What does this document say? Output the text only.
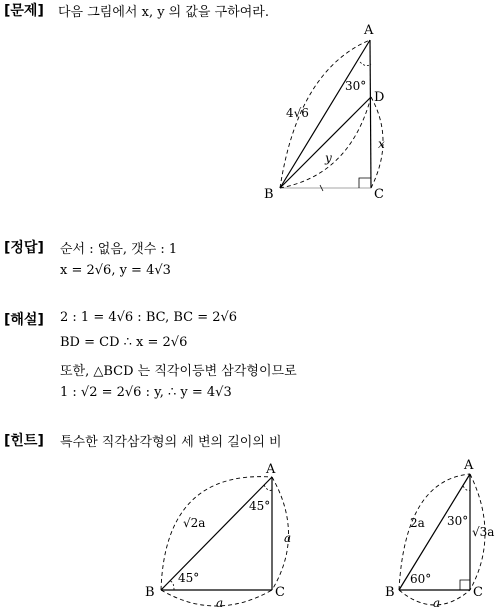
[문제] 다음 그림에서 x, y 의 값을 구하여라.
[정답] 순서 : 없음, 갯수 : 1
x = 2√6, y = 4√3
[해설] 2 : 1 = 4√6 : BC, BC = 2√6
BD = CD ∴ x = 2√6
또한, △BCD 는 직각이등변 삼각형이므로
1 : √2 = 2√6 : y, ∴ y = 4√3
[힌트] 특수한 직각삼각형의 세 변의 길이의 비
A
D
B	C
30°
4√6
x
y
A
B	C
45°
45°
√2a
a
a
A
B	C
30°
60°
2a
√3a
a
